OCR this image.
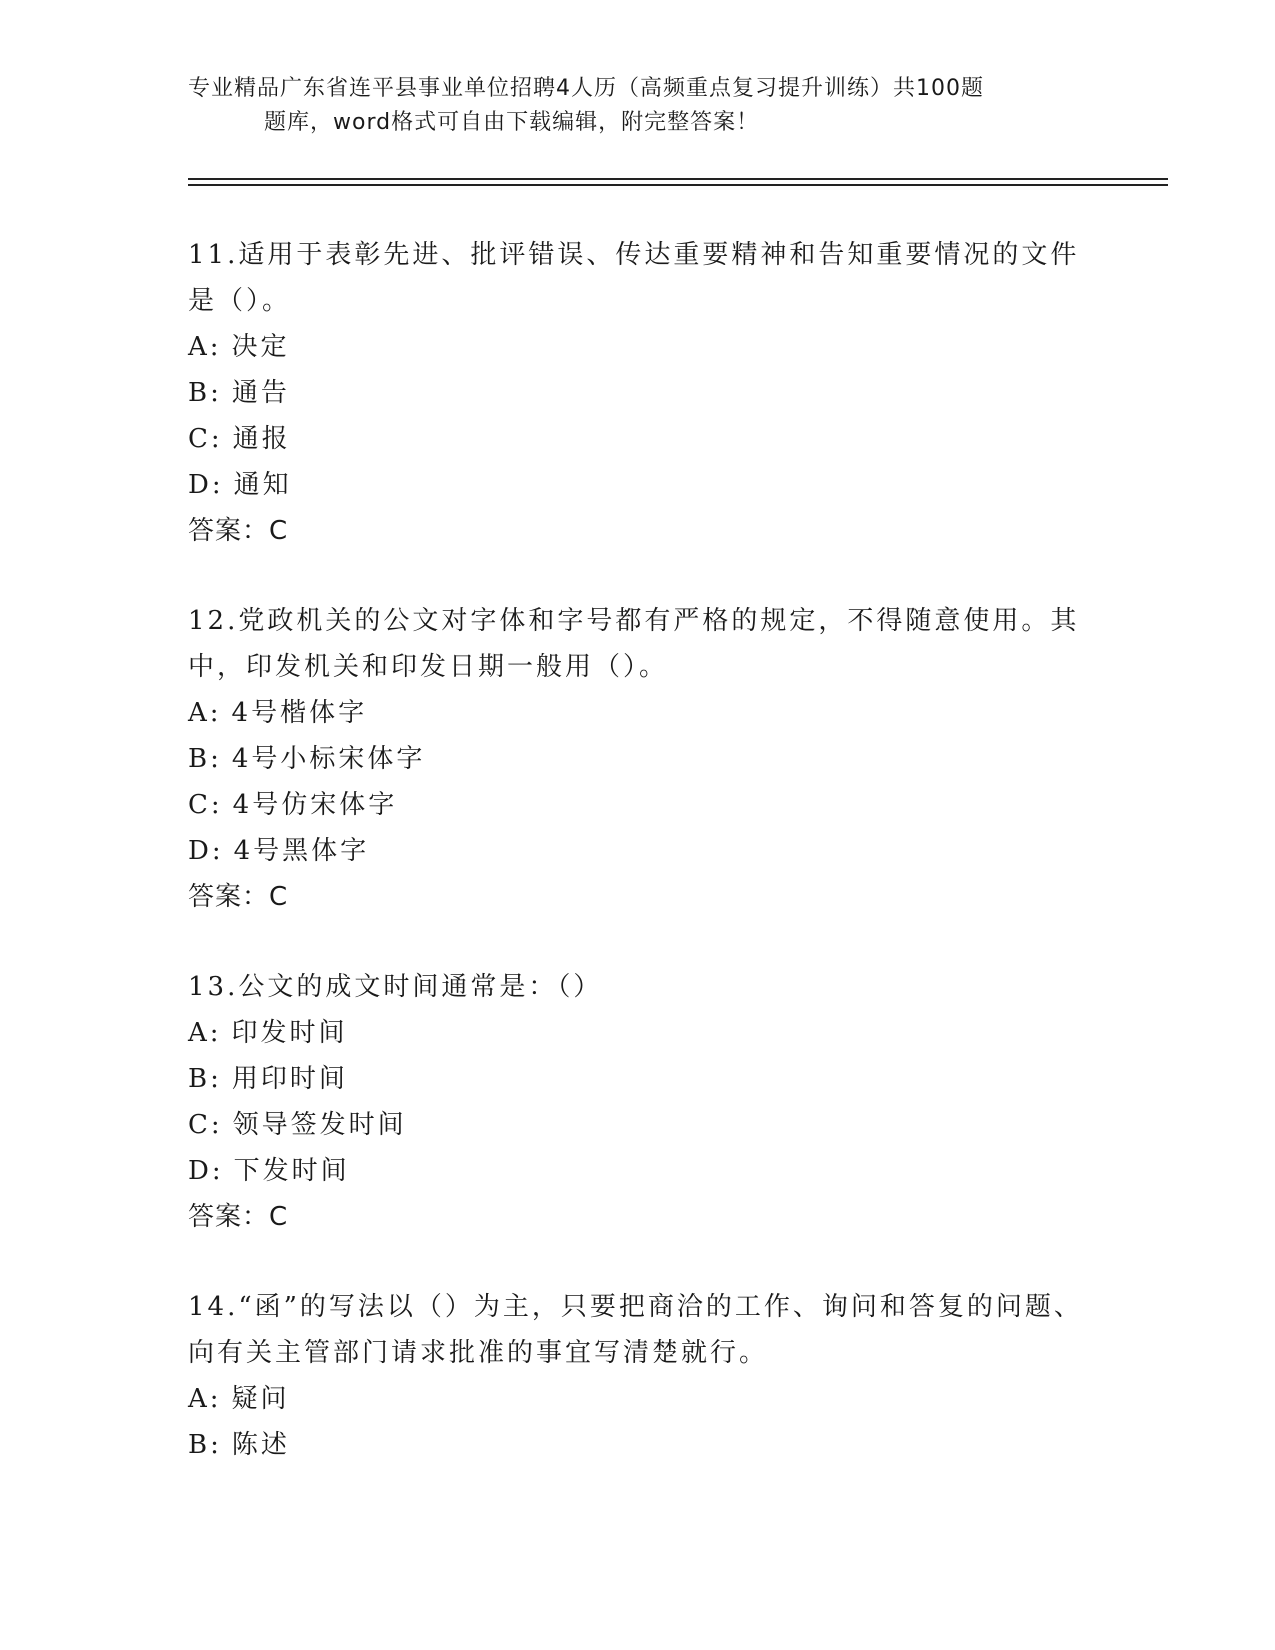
专业精品广东省连平县事业单位招聘4人历（高频重点复习提升训练）共100题
题库，word格式可自由下载编辑，附完整答案！
11.适用于表彰先进、批评错误、传达重要精神和告知重要情况的文件是（）。
A: 决定
B: 通告
C: 通报
D: 通知
答案：C
12.党政机关的公文对字体和字号都有严格的规定，不得随意使用。其中，印发机关和印发日期一般用（）。
A: 4号楷体字
B: 4号小标宋体字
C: 4号仿宋体字
D: 4号黑体字
答案：C
13.公文的成文时间通常是：（）
A: 印发时间
B: 用印时间
C: 领导签发时间
D: 下发时间
答案：C
14.“函”的写法以（）为主，只要把商洽的工作、询问和答复的问题、向有关主管部门请求批准的事宜写清楚就行。
A: 疑问
B: 陈述
